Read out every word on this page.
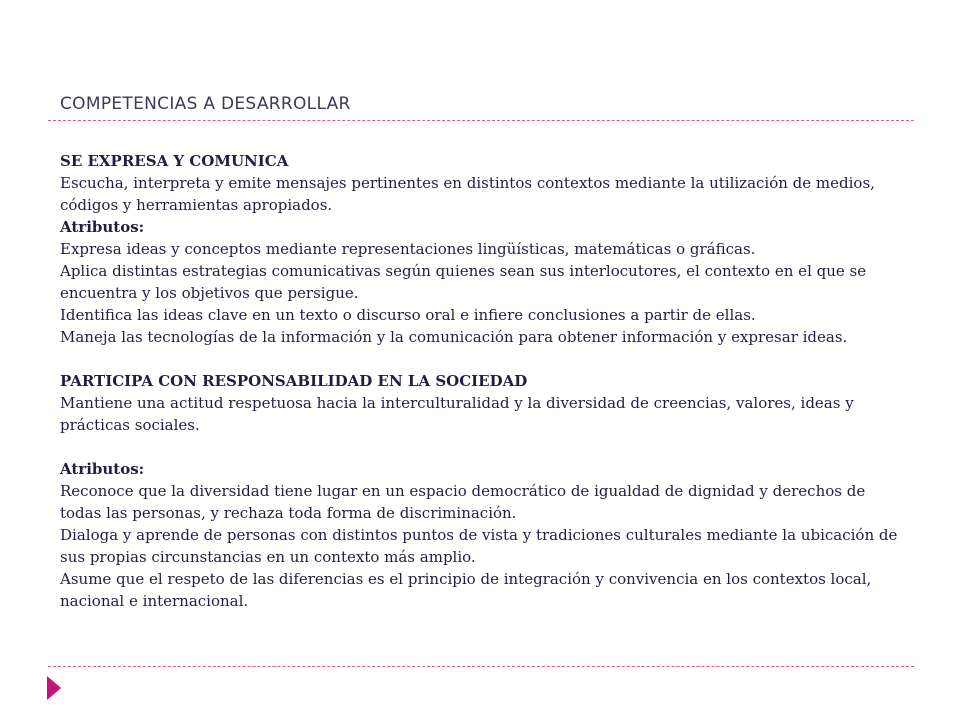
COMPETENCIAS A DESARROLLAR

SE EXPRESA Y COMUNICA

Escucha, interpreta y emite mensajes pertinentes en distintos contextos mediante la utilización de medios, códigos y herramientas apropiados.

Atributos:

Expresa ideas y conceptos mediante representaciones lingüísticas, matemáticas o gráficas.

Aplica distintas estrategias comunicativas según quienes sean sus interlocutores, el contexto en el que se encuentra y los objetivos que persigue.

Identifica las ideas clave en un texto o discurso oral e infiere conclusiones a partir de ellas.

Maneja las tecnologías de la información y la comunicación para obtener información y expresar ideas.

PARTICIPA CON RESPONSABILIDAD EN LA SOCIEDAD

Mantiene una actitud respetuosa hacia la interculturalidad y la diversidad de creencias, valores, ideas y prácticas sociales.

Atributos:

Reconoce que la diversidad tiene lugar en un espacio democrático de igualdad de dignidad y derechos de todas las personas, y rechaza toda forma de discriminación.

Dialoga y aprende de personas con distintos puntos de vista y tradiciones culturales mediante la ubicación de sus propias circunstancias en un contexto más amplio.

Asume que el respeto de las diferencias es el principio de integración y convivencia en los contextos local, nacional e internacional.
